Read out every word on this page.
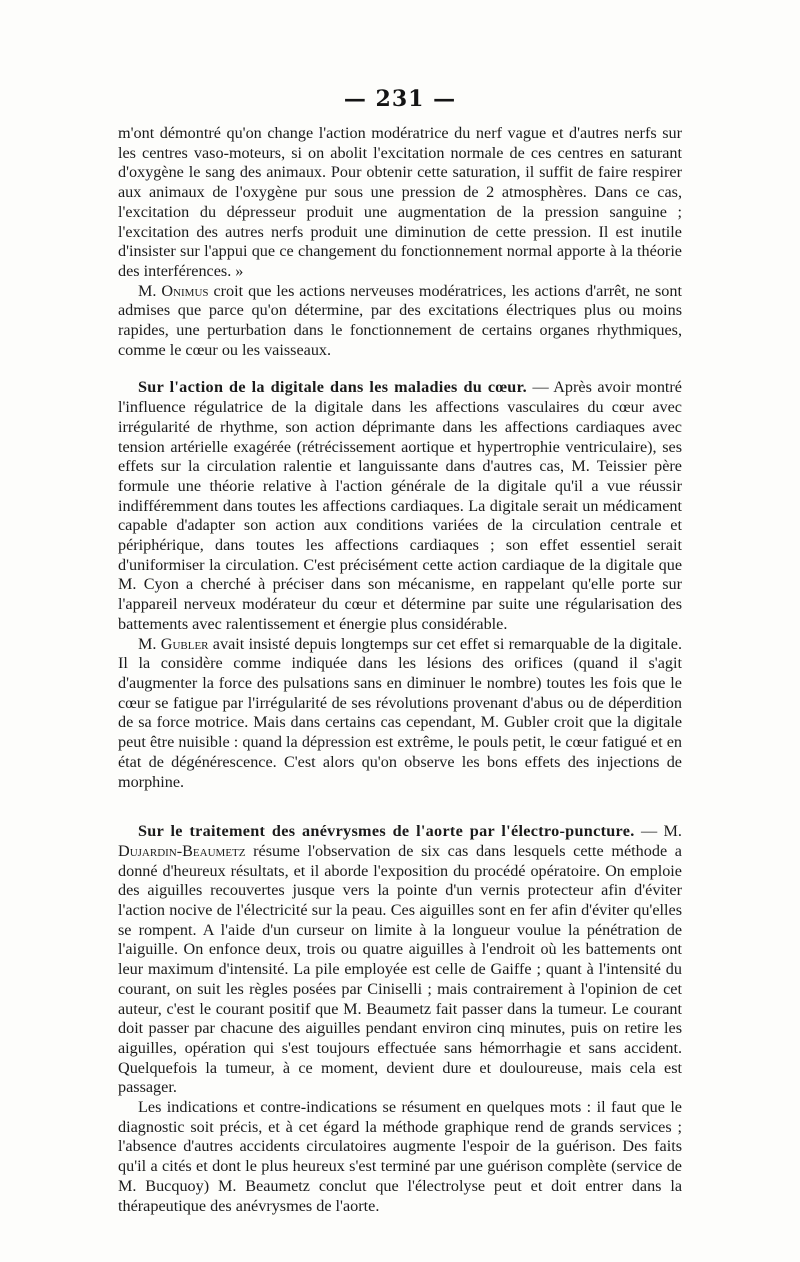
— 231 —

m'ont démontré qu'on change l'action modératrice du nerf vague et d'autres nerfs sur les centres vaso-moteurs, si on abolit l'excitation normale de ces centres en saturant d'oxygène le sang des animaux. Pour obtenir cette saturation, il suffit de faire respirer aux animaux de l'oxygène pur sous une pression de 2 atmosphères. Dans ce cas, l'excitation du dépresseur produit une augmentation de la pression sanguine ; l'excitation des autres nerfs produit une diminution de cette pression. Il est inutile d'insister sur l'appui que ce changement du fonctionnement normal apporte à la théorie des interférences. »

M. Onimus croit que les actions nerveuses modératrices, les actions d'arrêt, ne sont admises que parce qu'on détermine, par des excitations électriques plus ou moins rapides, une perturbation dans le fonctionnement de certains organes rhythmiques, comme le cœur ou les vaisseaux.

Sur l'action de la digitale dans les maladies du cœur. — Après avoir montré l'influence régulatrice de la digitale dans les affections vasculaires du cœur avec irrégularité de rhythme, son action déprimante dans les affections cardiaques avec tension artérielle exagérée (rétrécissement aortique et hypertrophie ventriculaire), ses effets sur la circulation ralentie et languissante dans d'autres cas, M. Teissier père formule une théorie relative à l'action générale de la digitale qu'il a vue réussir indifféremment dans toutes les affections cardiaques. La digitale serait un médicament capable d'adapter son action aux conditions variées de la circulation centrale et périphérique, dans toutes les affections cardiaques ; son effet essentiel serait d'uniformiser la circulation. C'est précisément cette action cardiaque de la digitale que M. Cyon a cherché à préciser dans son mécanisme, en rappelant qu'elle porte sur l'appareil nerveux modérateur du cœur et détermine par suite une régularisation des battements avec ralentissement et énergie plus considérable.

M. Gubler avait insisté depuis longtemps sur cet effet si remarquable de la digitale. Il la considère comme indiquée dans les lésions des orifices (quand il s'agit d'augmenter la force des pulsations sans en diminuer le nombre) toutes les fois que le cœur se fatigue par l'irrégularité de ses révolutions provenant d'abus ou de déperdition de sa force motrice. Mais dans certains cas cependant, M. Gubler croit que la digitale peut être nuisible : quand la dépression est extrême, le pouls petit, le cœur fatigué et en état de dégénérescence. C'est alors qu'on observe les bons effets des injections de morphine.

Sur le traitement des anévrysmes de l'aorte par l'électro-puncture. — M. Dujardin-Beaumetz résume l'observation de six cas dans lesquels cette méthode a donné d'heureux résultats, et il aborde l'exposition du procédé opératoire. On emploie des aiguilles recouvertes jusque vers la pointe d'un vernis protecteur afin d'éviter l'action nocive de l'électricité sur la peau. Ces aiguilles sont en fer afin d'éviter qu'elles se rompent. A l'aide d'un curseur on limite à la longueur voulue la pénétration de l'aiguille. On enfonce deux, trois ou quatre aiguilles à l'endroit où les battements ont leur maximum d'intensité. La pile employée est celle de Gaiffe ; quant à l'intensité du courant, on suit les règles posées par Ciniselli ; mais contrairement à l'opinion de cet auteur, c'est le courant positif que M. Beaumetz fait passer dans la tumeur. Le courant doit passer par chacune des aiguilles pendant environ cinq minutes, puis on retire les aiguilles, opération qui s'est toujours effectuée sans hémorrhagie et sans accident. Quelquefois la tumeur, à ce moment, devient dure et douloureuse, mais cela est passager.

Les indications et contre-indications se résument en quelques mots : il faut que le diagnostic soit précis, et à cet égard la méthode graphique rend de grands services ; l'absence d'autres accidents circulatoires augmente l'espoir de la guérison. Des faits qu'il a cités et dont le plus heureux s'est terminé par une guérison complète (service de M. Bucquoy) M. Beaumetz conclut que l'électrolyse peut et doit entrer dans la thérapeutique des anévrysmes de l'aorte.
